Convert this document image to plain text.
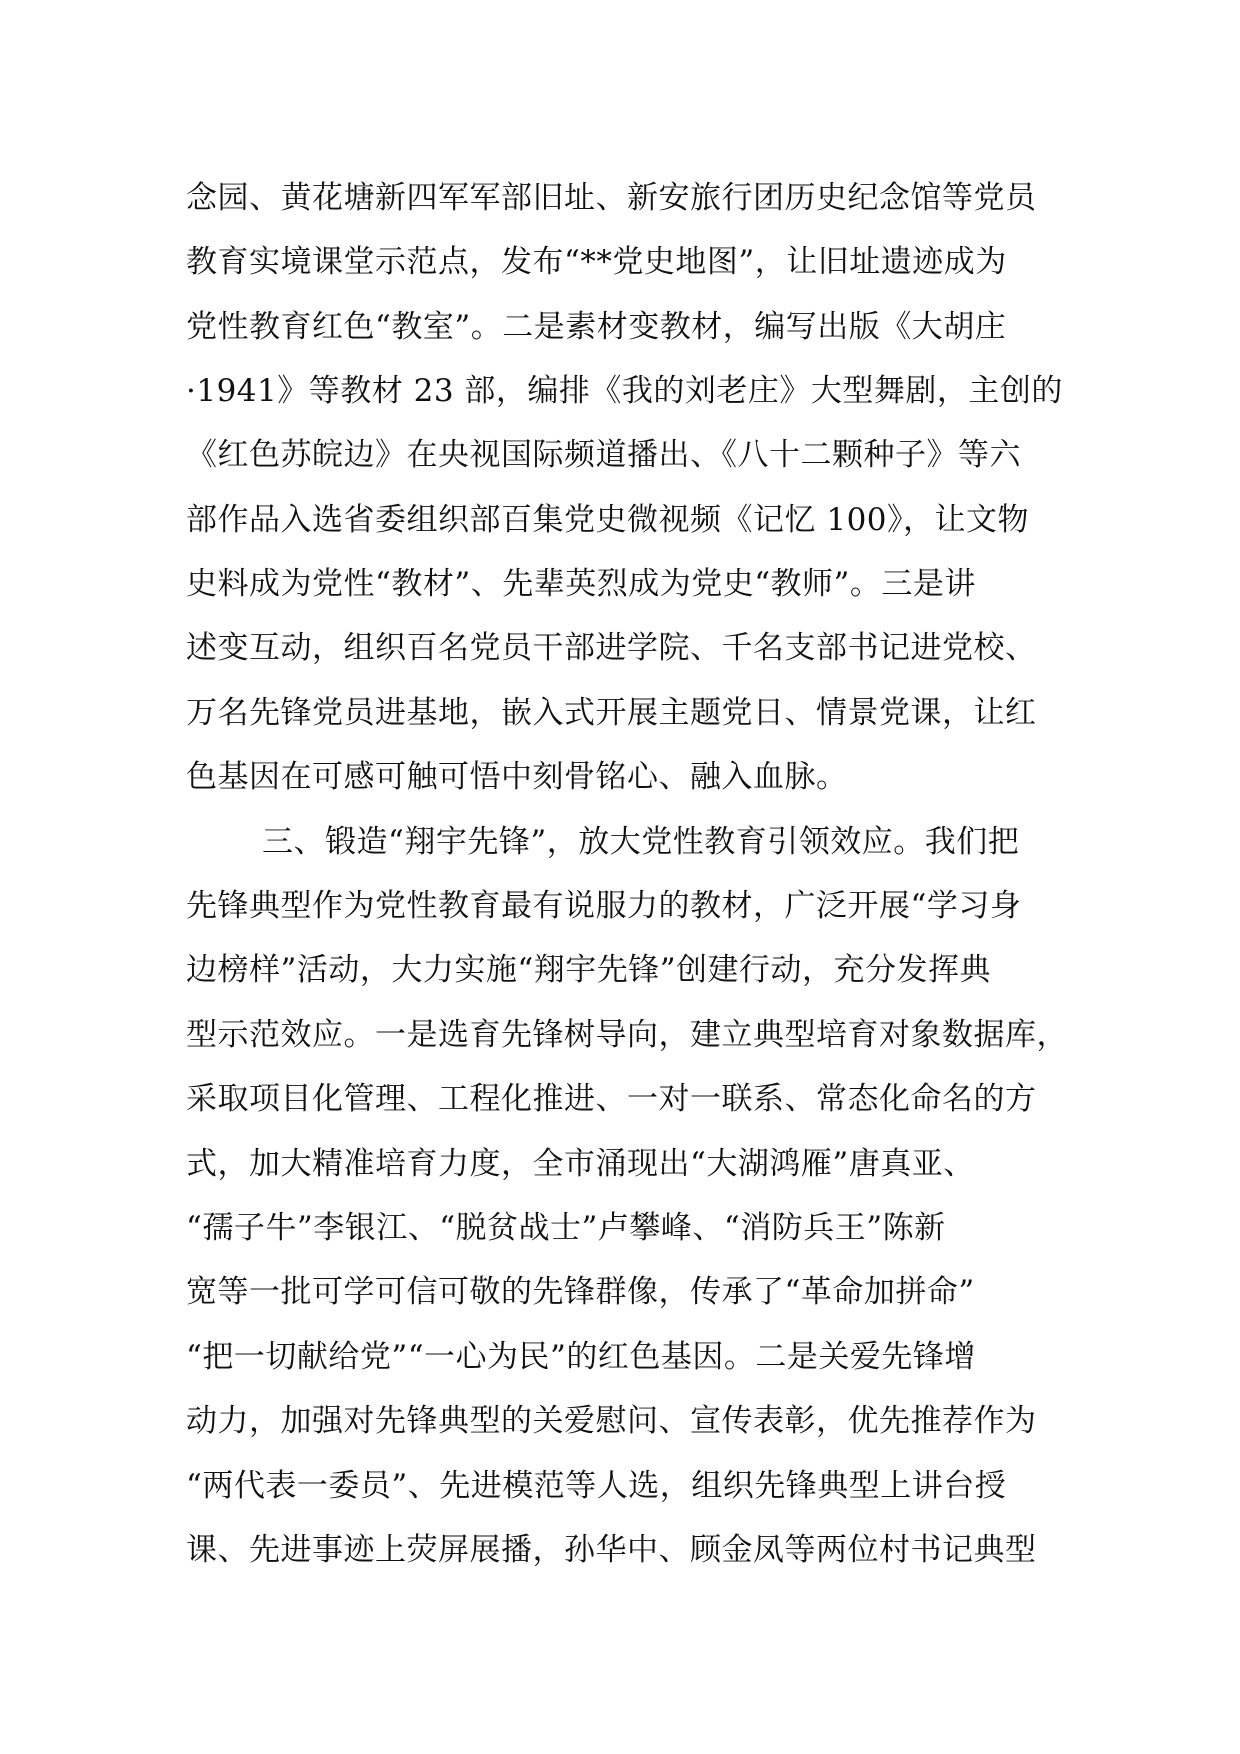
念园、黄花塘新四军军部旧址、新安旅行团历史纪念馆等党员

教育实境课堂示范点，发布“**党史地图”，让旧址遗迹成为

党性教育红色“教室”。二是素材变教材，编写出版《大胡庄

·1941》等教材 23 部，编排《我的刘老庄》大型舞剧，主创的

《红色苏皖边》在央视国际频道播出、《八十二颗种子》等六

部作品入选省委组织部百集党史微视频《记忆 100》，让文物

史料成为党性“教材”、先辈英烈成为党史“教师”。三是讲

述变互动，组织百名党员干部进学院、千名支部书记进党校、

万名先锋党员进基地，嵌入式开展主题党日、情景党课，让红

色基因在可感可触可悟中刻骨铭心、融入血脉。

三、锻造“翔宇先锋”，放大党性教育引领效应。我们把

先锋典型作为党性教育最有说服力的教材，广泛开展“学习身

边榜样”活动，大力实施“翔宇先锋”创建行动，充分发挥典

型示范效应。一是选育先锋树导向，建立典型培育对象数据库，

采取项目化管理、工程化推进、一对一联系、常态化命名的方

式，加大精准培育力度，全市涌现出“大湖鸿雁”唐真亚、

“孺子牛”李银江、“脱贫战士”卢攀峰、“消防兵王”陈新

宽等一批可学可信可敬的先锋群像，传承了“革命加拼命”

“把一切献给党”“一心为民”的红色基因。二是关爱先锋增

动力，加强对先锋典型的关爱慰问、宣传表彰，优先推荐作为

“两代表一委员”、先进模范等人选，组织先锋典型上讲台授

课、先进事迹上荧屏展播，孙华中、顾金凤等两位村书记典型
